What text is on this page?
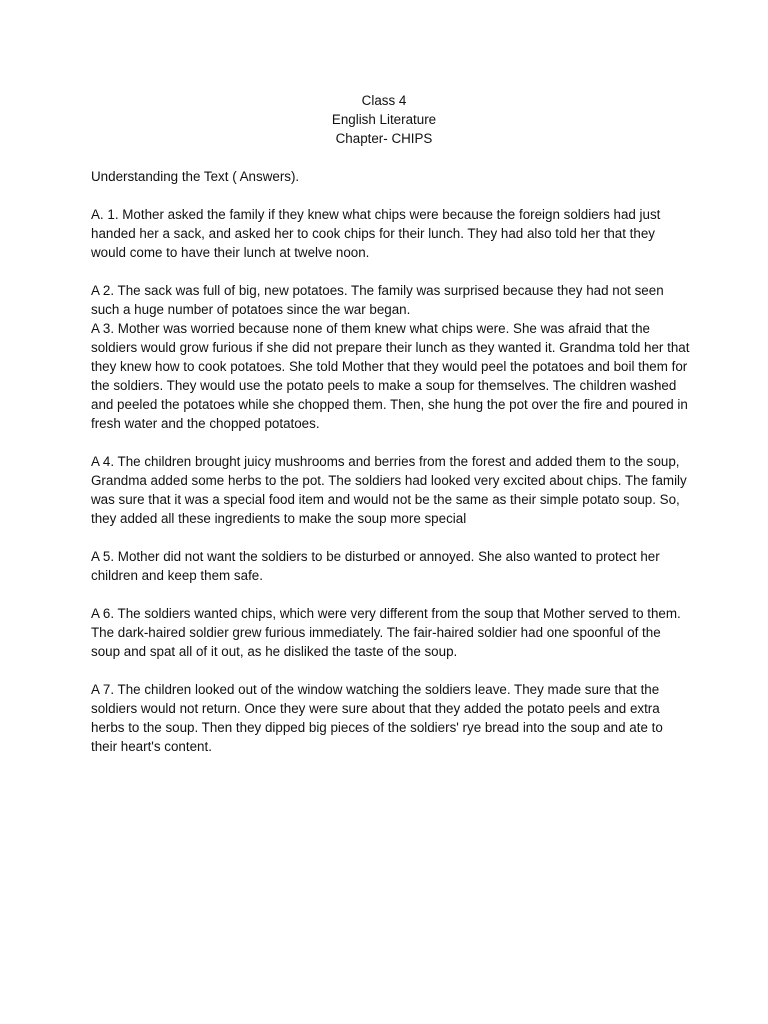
Class 4
English Literature
Chapter- CHIPS

Understanding the Text ( Answers).

A. 1. Mother asked the family if they knew what chips were because the foreign soldiers had just handed her a sack, and asked her to cook chips for their lunch. They had also told her that they would come to have their lunch at twelve noon.

A 2. The sack was full of big, new potatoes. The family was surprised because they had not seen such a huge number of potatoes since the war began.

A 3. Mother was worried because none of them knew what chips were. She was afraid that the soldiers would grow furious if she did not prepare their lunch as they wanted it. Grandma told her that they knew how to cook potatoes. She told Mother that they would peel the potatoes and boil them for the soldiers. They would use the potato peels to make a soup for themselves. The children washed and peeled the potatoes while she chopped them. Then, she hung the pot over the fire and poured in fresh water and the chopped potatoes.

A 4. The children brought juicy mushrooms and berries from the forest and added them to the soup, Grandma added some herbs to the pot. The soldiers had looked very excited about chips. The family was sure that it was a special food item and would not be the same as their simple potato soup. So, they added all these ingredients to make the soup more special

A 5. Mother did not want the soldiers to be disturbed or annoyed. She also wanted to protect her children and keep them safe.

A 6. The soldiers wanted chips, which were very different from the soup that Mother served to them. The dark-haired soldier grew furious immediately. The fair-haired soldier had one spoonful of the soup and spat all of it out, as he disliked the taste of the soup.

A 7. The children looked out of the window watching the soldiers leave. They made sure that the soldiers would not return. Once they were sure about that they added the potato peels and extra herbs to the soup. Then they dipped big pieces of the soldiers' rye bread into the soup and ate to their heart's content.
